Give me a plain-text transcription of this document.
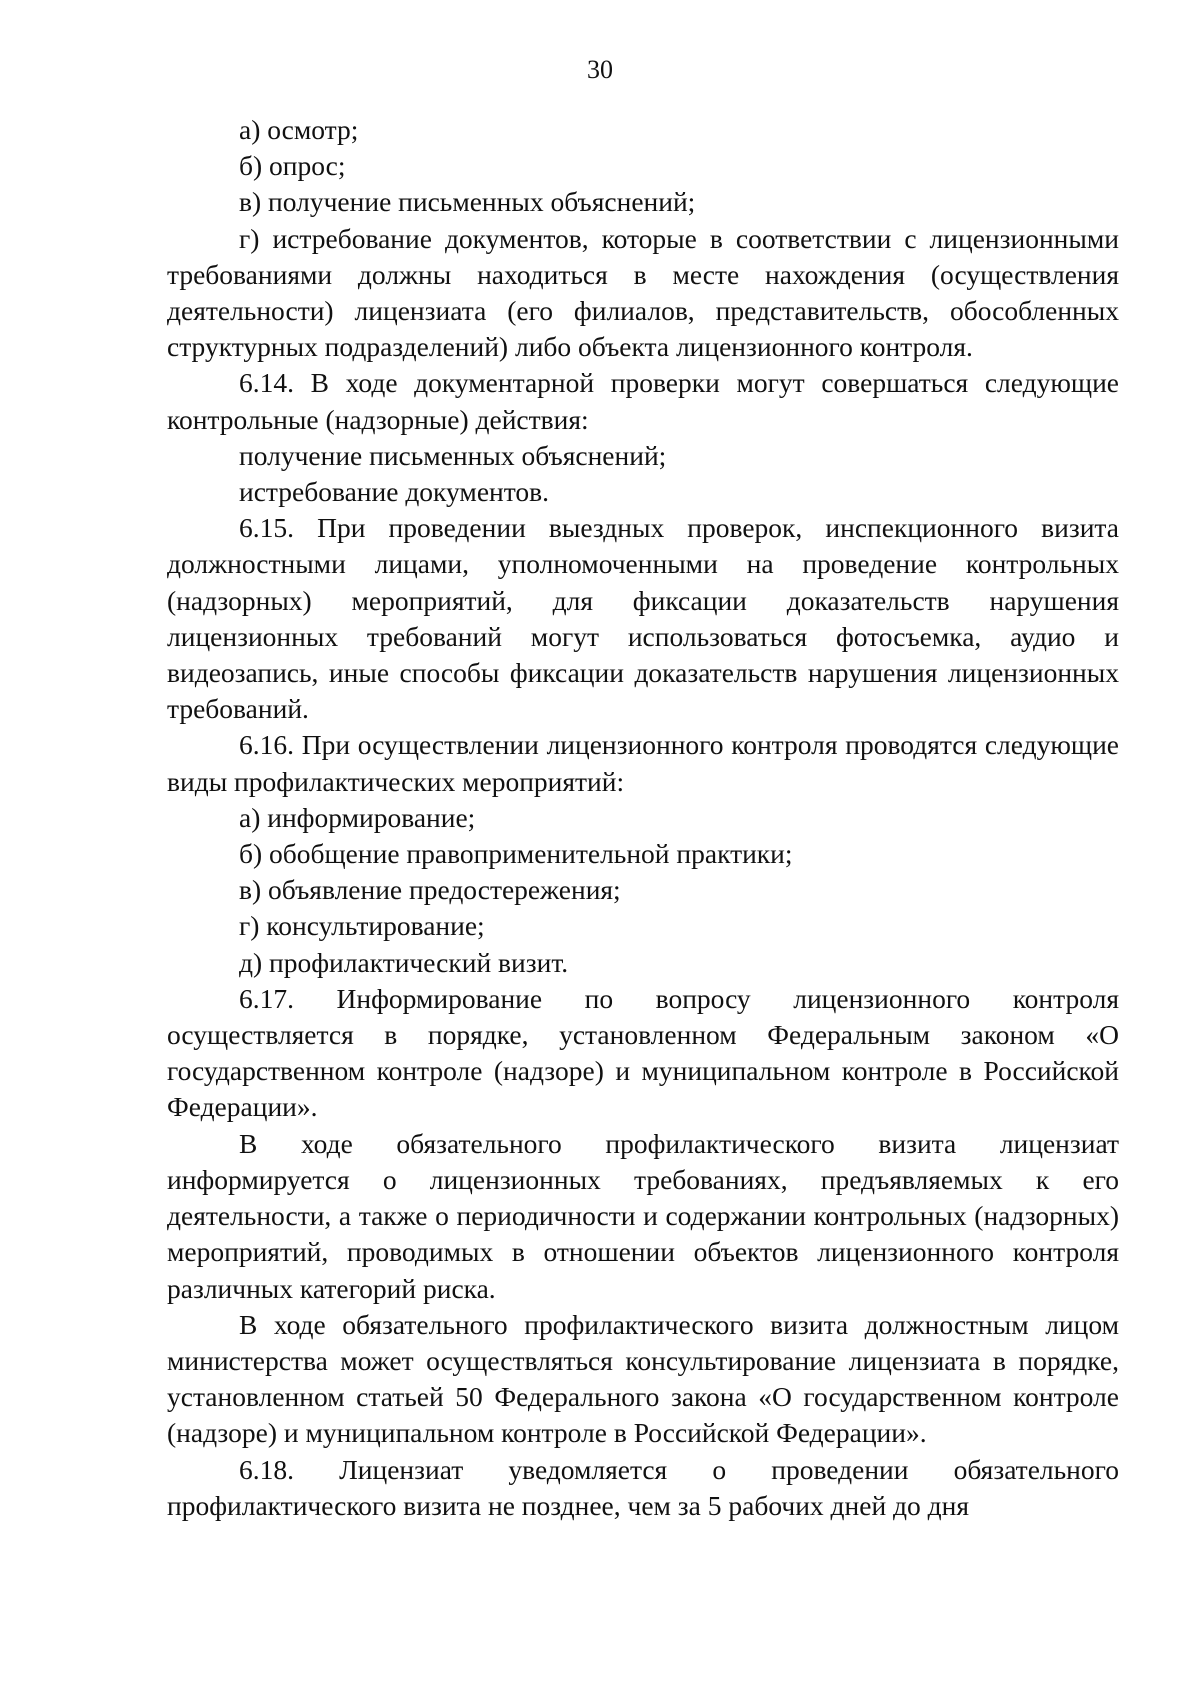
30

а) осмотр;

б) опрос;

в) получение письменных объяснений;

г) истребование документов, которые в соответствии с лицензионными требованиями должны находиться в месте нахождения (осуществления деятельности) лицензиата (его филиалов, представительств, обособленных структурных подразделений) либо объекта лицензионного контроля.

6.14. В ходе документарной проверки могут совершаться следующие контрольные (надзорные) действия:

получение письменных объяснений;

истребование документов.

6.15. При проведении выездных проверок, инспекционного визита должностными лицами, уполномоченными на проведение контрольных (надзорных) мероприятий, для фиксации доказательств нарушения лицензионных требований могут использоваться фотосъемка, аудио и видеозапись, иные способы фиксации доказательств нарушения лицензионных требований.

6.16. При осуществлении лицензионного контроля проводятся следующие виды профилактических мероприятий:

а) информирование;

б) обобщение правоприменительной практики;

в) объявление предостережения;

г) консультирование;

д) профилактический визит.

6.17. Информирование по вопросу лицензионного контроля осуществляется в порядке, установленном Федеральным законом «О государственном контроле (надзоре) и муниципальном контроле в Российской Федерации».

В ходе обязательного профилактического визита лицензиат информируется о лицензионных требованиях, предъявляемых к его деятельности, а также о периодичности и содержании контрольных (надзорных) мероприятий, проводимых в отношении объектов лицензионного контроля различных категорий риска.

В ходе обязательного профилактического визита должностным лицом министерства может осуществляться консультирование лицензиата в порядке, установленном статьей 50 Федерального закона «О государственном контроле (надзоре) и муниципальном контроле в Российской Федерации».

6.18. Лицензиат уведомляется о проведении обязательного профилактического визита не позднее, чем за 5 рабочих дней до дня
